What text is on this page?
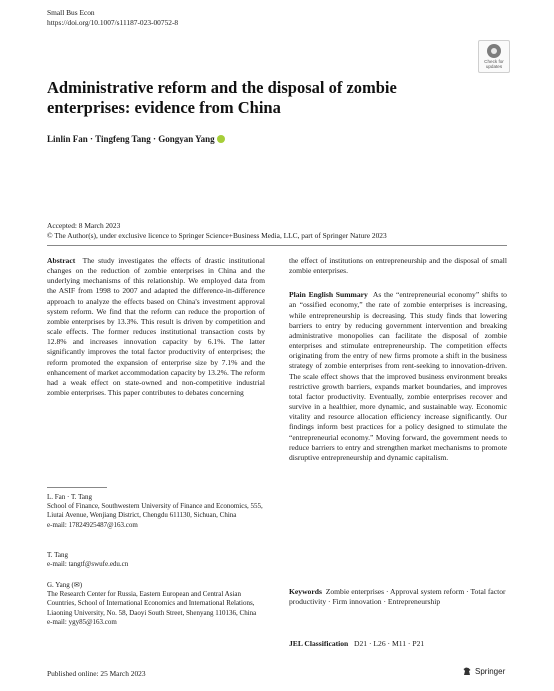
Small Bus Econ
https://doi.org/10.1007/s11187-023-00752-8
Check for updates
Administrative reform and the disposal of zombie enterprises: evidence from China
Linlin Fan · Tingfeng Tang · Gongyan Yang
Accepted: 8 March 2023
© The Author(s), under exclusive licence to Springer Science+Business Media, LLC, part of Springer Nature 2023
Abstract The study investigates the effects of drastic institutional changes on the reduction of zombie enterprises in China and the underlying mechanisms of this relationship. We employed data from the ASIF from 1998 to 2007 and adapted the difference-in-difference approach to analyze the effects based on China's investment approval system reform. We find that the reform can reduce the proportion of zombie enterprises by 13.3%. This result is driven by competition and scale effects. The former reduces institutional transaction costs by 12.8% and increases innovation capacity by 6.1%. The latter significantly improves the total factor productivity of enterprises; the reform promoted the expansion of enterprise size by 7.1% and the enhancement of market accommodation capacity by 13.2%. The reform had a weak effect on state-owned and non-competitive industrial zombie enterprises. This paper contributes to debates concerning
L. Fan · T. Tang
School of Finance, Southwestern University of Finance and Economics, 555, Liutai Avenue, Wenjiang District, Chengdu 611130, Sichuan, China
e-mail: 17824925487@163.com
T. Tang
e-mail: tangtf@swufe.edu.cn
G. Yang (✉)
The Research Center for Russia, Eastern European and Central Asian Countries, School of International Economics and International Relations, Liaoning University, No. 58, Daoyi South Street, Shenyang 110136, China
e-mail: ygy85@163.com
the effect of institutions on entrepreneurship and the disposal of small zombie enterprises.
Plain English Summary As the “entrepreneurial economy” shifts to an “ossified economy,” the rate of zombie enterprises is increasing, while entrepreneurship is decreasing. This study finds that lowering barriers to entry by reducing government intervention and breaking administrative monopolies can facilitate the disposal of zombie enterprises and stimulate entrepreneurship. The competition effects originating from the entry of new firms promote a shift in the business strategy of zombie enterprises from rent-seeking to innovation-driven. The scale effect shows that the improved business environment breaks restrictive growth barriers, expands market boundaries, and improves total factor productivity. Eventually, zombie enterprises recover and survive in a healthier, more dynamic, and sustainable way. Economic vitality and resource allocation efficiency increase significantly. Our findings inform best practices for a policy designed to stimulate the “entrepreneurial economy.” Moving forward, the government needs to reduce barriers to entry and strengthen market mechanisms to promote disruptive entrepreneurship and dynamic capitalism.
Keywords Zombie enterprises · Approval system reform · Total factor productivity · Firm innovation · Entrepreneurship
JEL Classification D21 · L26 · M11 · P21
Published online: 25 March 2023	Springer
